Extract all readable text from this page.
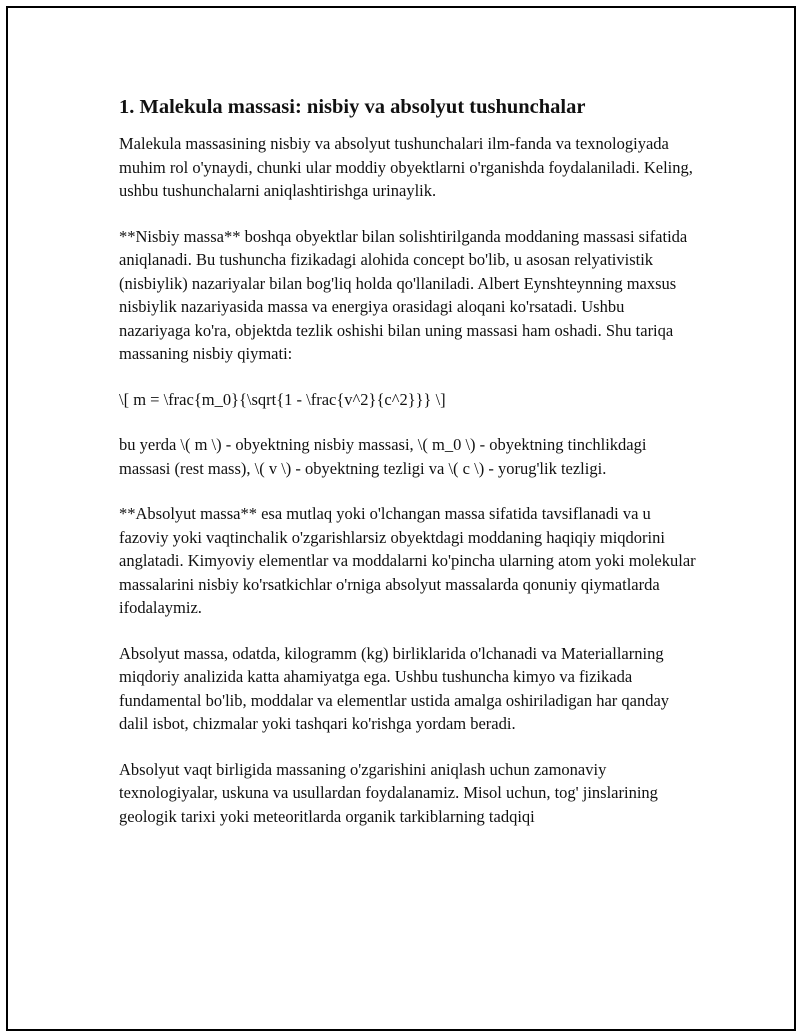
1. Malekula massasi: nisbiy va absolyut tushunchalar

Malekula massasining nisbiy va absolyut tushunchalari ilm-fanda va texnologiyada muhim rol o'ynaydi, chunki ular moddiy obyektlarni o'rganishda foydalaniladi. Keling, ushbu tushunchalarni aniqlashtirishga urinaylik.

**Nisbiy massa** boshqa obyektlar bilan solishtirilganda moddaning massasi sifatida aniqlanadi. Bu tushuncha fizikadagi alohida concept bo'lib, u asosan relyativistik (nisbiylik) nazariyalar bilan bog'liq holda qo'llaniladi. Albert Eynshteynning maxsus nisbiylik nazariyasida massa va energiya orasidagi aloqani ko'rsatadi. Ushbu nazariyaga ko'ra, objektda tezlik oshishi bilan uning massasi ham oshadi. Shu tariqa massaning nisbiy qiymati:

\[ m = \frac{m_0}{\sqrt{1 - \frac{v^2}{c^2}}} \]

bu yerda \( m \) - obyektning nisbiy massasi, \( m_0 \) - obyektning tinchlikdagi massasi (rest mass), \( v \) - obyektning tezligi va \( c \) - yorug'lik tezligi.

**Absolyut massa** esa mutlaq yoki o'lchangan massa sifatida tavsiflanadi va u fazoviy yoki vaqtinchalik o'zgarishlarsiz obyektdagi moddaning haqiqiy miqdorini anglatadi. Kimyoviy elementlar va moddalarni ko'pincha ularning atom yoki molekular massalarini nisbiy ko'rsatkichlar o'rniga absolyut massalarda qonuniy qiymatlarda ifodalaymiz.

Absolyut massa, odatda, kilogramm (kg) birliklarida o'lchanadi va Materiallarning miqdoriy analizida katta ahamiyatga ega. Ushbu tushuncha kimyo va fizikada fundamental bo'lib, moddalar va elementlar ustida amalga oshiriladigan har qanday dalil isbot, chizmalar yoki tashqari ko'rishga yordam beradi.

Absolyut vaqt birligida massaning o'zgarishini aniqlash uchun zamonaviy texnologiyalar, uskuna va usullardan foydalanamiz. Misol uchun, tog' jinslarining geologik tarixi yoki meteoritlarda organik tarkiblarning tadqiqi
